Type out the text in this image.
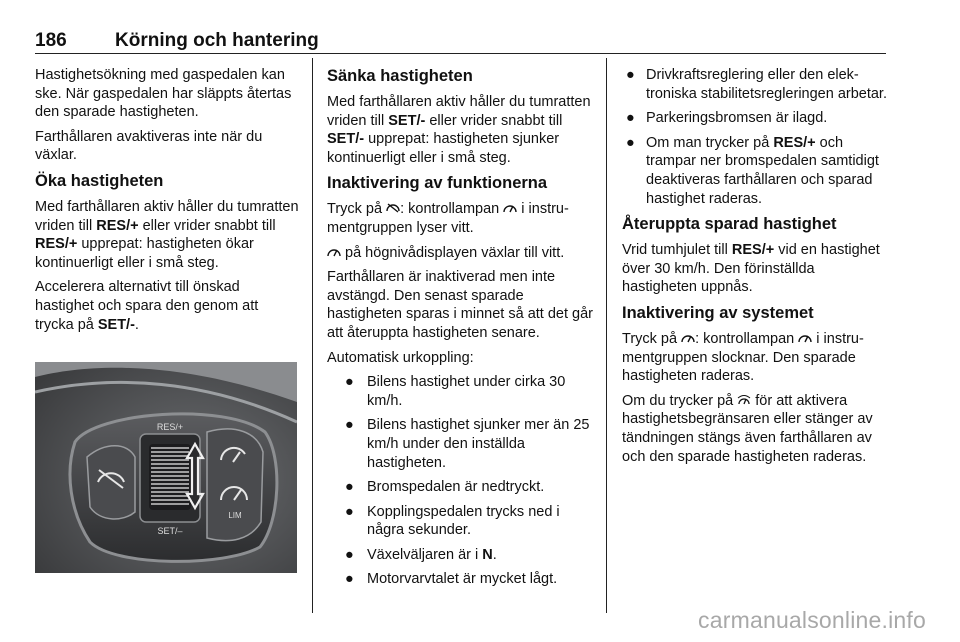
186	Körning och hantering

Hastighetsökning med gaspedalen kan ske. När gaspedalen har släppts återtas den sparade hastigheten.

Farthållaren avaktiveras inte när du växlar.

Öka hastigheten

Med farthållaren aktiv håller du tumratten vriden till RES/+ eller vrider snabbt till RES/+ upprepat: hastigheten ökar kontinuerligt eller i små steg.

Accelerera alternativt till önskad hastighet och spara den genom att trycka på SET/-.

RES/+
SET/–
LIM
Sänka hastigheten

Med farthållaren aktiv håller du tumratten vriden till SET/- eller vrider snabbt till SET/- upprepat: hastigheten sjunker kontinuerligt eller i små steg.

Inaktivering av funktionerna

Tryck på : kontrollampan  i instrumentgruppen lyser vitt.

på högnivådisplayen växlar till vitt.

Farthållaren är inaktiverad men inte avstängd. Den senast sparade hastigheten sparas i minnet så att det går att återuppta hastigheten senare.

Automatisk urkoppling:

● Bilens hastighet under cirka 30 km/h.
● Bilens hastighet sjunker mer än 25 km/h under den inställda hastigheten.
● Bromspedalen är nedtryckt.
● Kopplingspedalen trycks ned i några sekunder.
● Växelväljaren är i N.
● Motorvarvtalet är mycket lågt.
● Drivkraftsreglering eller den elektroniska stabilitetsregleringen arbetar.
● Parkeringsbromsen är ilagd.
● Om man trycker på RES/+ och trampar ner bromspedalen samtidigt deaktiveras farthållaren och sparad hastighet raderas.
Återuppta sparad hastighet

Vrid tumhjulet till RES/+ vid en hastighet över 30 km/h. Den förinställda hastigheten uppnås.

Inaktivering av systemet

Tryck på : kontrollampan  i instrumentgruppen slocknar. Den sparade hastigheten raderas.

Om du trycker på  för att aktivera hastighetsbegränsaren eller stänger av tändningen stängs även farthållaren av och den sparade hastigheten raderas.

carmanualsonline.info
